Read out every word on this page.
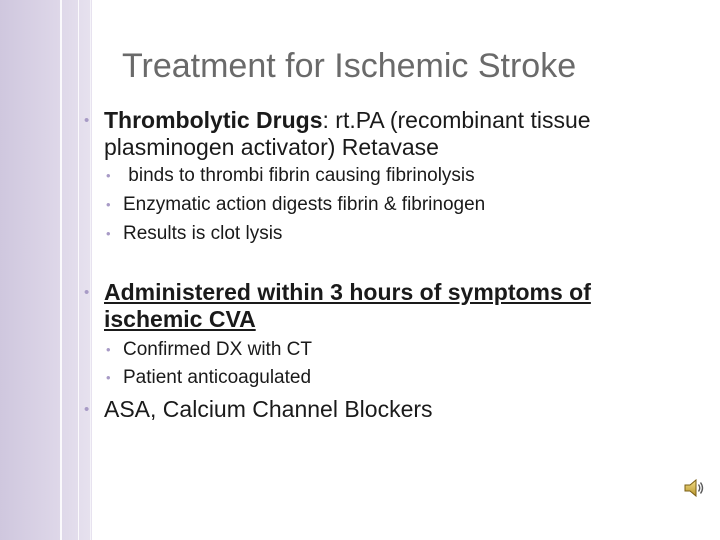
Treatment for Ischemic Stroke
• Thrombolytic Drugs: rt.PA (recombinant tissue
plasminogen activator) Retavase
• binds to thrombi fibrin causing fibrinolysis
• Enzymatic action digests fibrin & fibrinogen
• Results is clot lysis
• Administered within 3 hours of symptoms of
ischemic CVA
• Confirmed DX with CT
• Patient anticoagulated
• ASA, Calcium Channel Blockers
